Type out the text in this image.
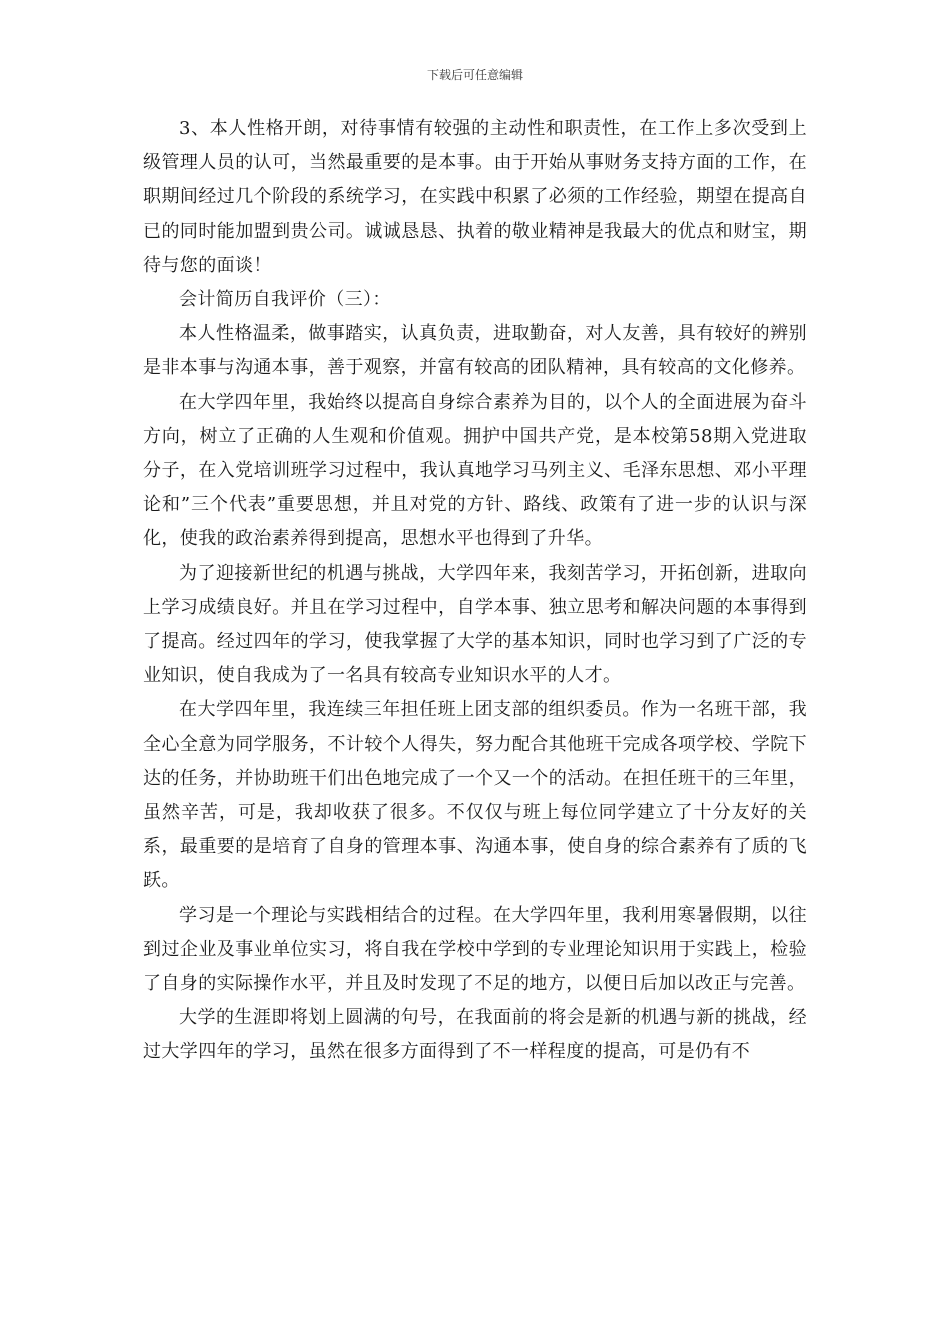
下载后可任意编辑

3、本人性格开朗，对待事情有较强的主动性和职责性，在工作上多次受到上级管理人员的认可，当然最重要的是本事。由于开始从事财务支持方面的工作，在职期间经过几个阶段的系统学习，在实践中积累了必须的工作经验，期望在提高自已的同时能加盟到贵公司。诚诚恳恳、执着的敬业精神是我最大的优点和财宝，期待与您的面谈！

会计简历自我评价（三）：

本人性格温柔，做事踏实，认真负责，进取勤奋，对人友善，具有较好的辨别是非本事与沟通本事，善于观察，并富有较高的团队精神，具有较高的文化修养。

在大学四年里，我始终以提高自身综合素养为目的，以个人的全面进展为奋斗方向，树立了正确的人生观和价值观。拥护中国共产党，是本校第58期入党进取分子，在入党培训班学习过程中，我认真地学习马列主义、毛泽东思想、邓小平理论和”三个代表”重要思想，并且对党的方针、路线、政策有了进一步的认识与深化，使我的政治素养得到提高，思想水平也得到了升华。

为了迎接新世纪的机遇与挑战，大学四年来，我刻苦学习，开拓创新，进取向上学习成绩良好。并且在学习过程中，自学本事、独立思考和解决问题的本事得到了提高。经过四年的学习，使我掌握了大学的基本知识，同时也学习到了广泛的专业知识，使自我成为了一名具有较高专业知识水平的人才。

在大学四年里，我连续三年担任班上团支部的组织委员。作为一名班干部，我全心全意为同学服务，不计较个人得失，努力配合其他班干完成各项学校、学院下达的任务，并协助班干们出色地完成了一个又一个的活动。在担任班干的三年里，虽然辛苦，可是，我却收获了很多。不仅仅与班上每位同学建立了十分友好的关系，最重要的是培育了自身的管理本事、沟通本事，使自身的综合素养有了质的飞跃。

学习是一个理论与实践相结合的过程。在大学四年里，我利用寒暑假期，以往到过企业及事业单位实习，将自我在学校中学到的专业理论知识用于实践上，检验了自身的实际操作水平，并且及时发现了不足的地方，以便日后加以改正与完善。

大学的生涯即将划上圆满的句号，在我面前的将会是新的机遇与新的挑战，经过大学四年的学习，虽然在很多方面得到了不一样程度的提高，可是仍有不
